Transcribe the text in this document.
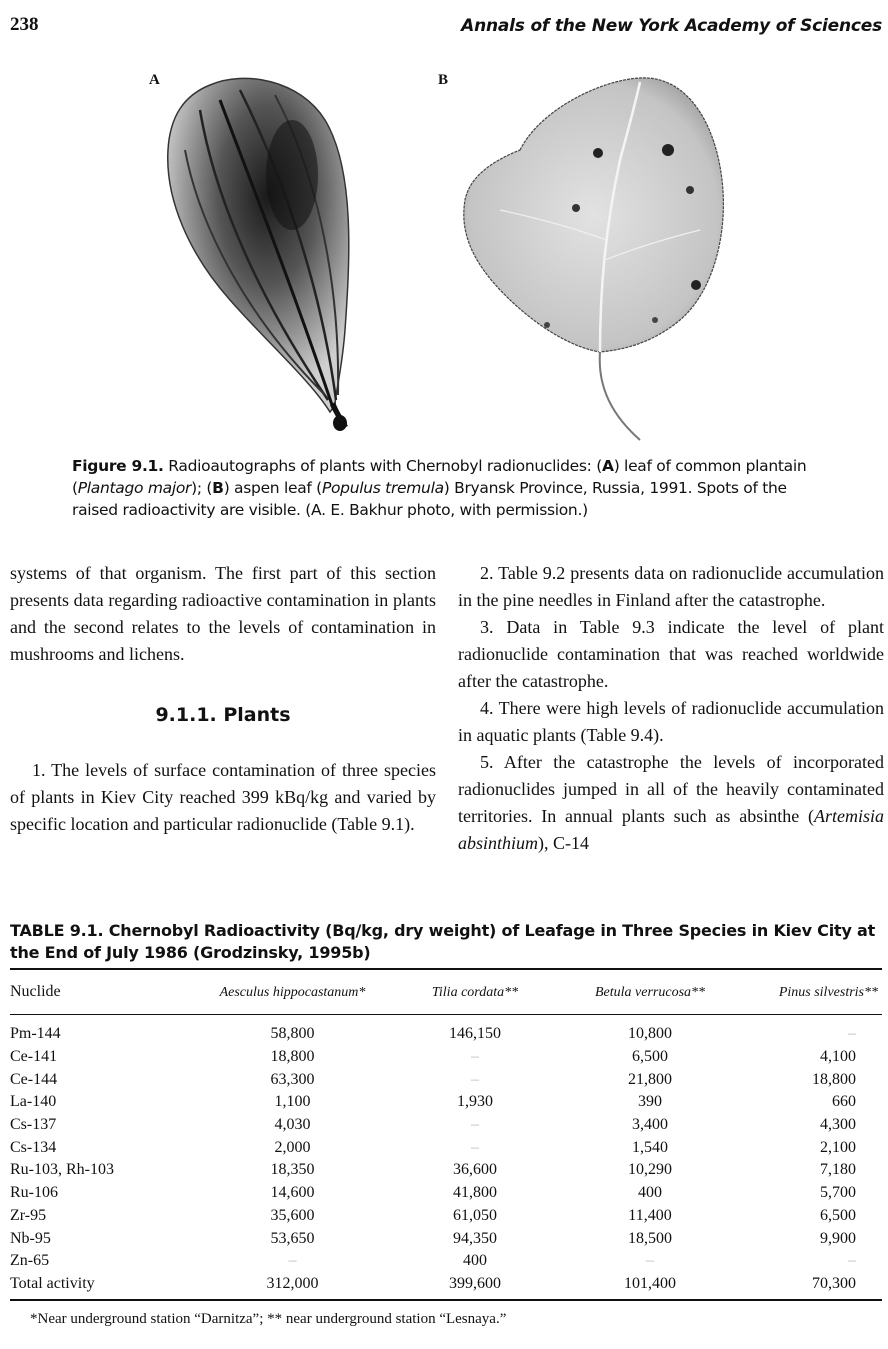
238	Annals of the New York Academy of Sciences
A	B
Figure 9.1. Radioautographs of plants with Chernobyl radionuclides: (A) leaf of common plantain (Plantago major); (B) aspen leaf (Populus tremula) Bryansk Province, Russia, 1991. Spots of the raised radioactivity are visible. (A. E. Bakhur photo, with permission.)

systems of that organism. The first part of this section presents data regarding radioactive contamination in plants and the second relates to the levels of contamination in mushrooms and lichens.

9.1.1. Plants

1. The levels of surface contamination of three species of plants in Kiev City reached 399 kBq/kg and varied by specific location and particular radionuclide (Table 9.1).

2. Table 9.2 presents data on radionuclide accumulation in the pine needles in Finland after the catastrophe.

3. Data in Table 9.3 indicate the level of plant radionuclide contamination that was reached worldwide after the catastrophe.

4. There were high levels of radionuclide accumulation in aquatic plants (Table 9.4).

5. After the catastrophe the levels of incorporated radionuclides jumped in all of the heavily contaminated territories. In annual plants such as absinthe (Artemisia absinthium), C-14

TABLE 9.1. Chernobyl Radioactivity (Bq/kg, dry weight) of Leafage in Three Species in Kiev City at the End of July 1986 (Grodzinsky, 1995b)
Nuclide	Aesculus hippocastanum*	Tilia cordata**	Betula verrucosa**	Pinus silvestris**
Pm-144	58,800	146,150	10,800	–
Ce-141	18,800	–	6,500	4,100
Ce-144	63,300	–	21,800	18,800
La-140	1,100	1,930	390	660
Cs-137	4,030	–	3,400	4,300
Cs-134	2,000	–	1,540	2,100
Ru-103, Rh-103	18,350	36,600	10,290	7,180
Ru-106	14,600	41,800	400	5,700
Zr-95	35,600	61,050	11,400	6,500
Nb-95	53,650	94,350	18,500	9,900
Zn-65	–	400	–	–
Total activity	312,000	399,600	101,400	70,300
*Near underground station “Darnitza”; ** near underground station “Lesnaya.”
